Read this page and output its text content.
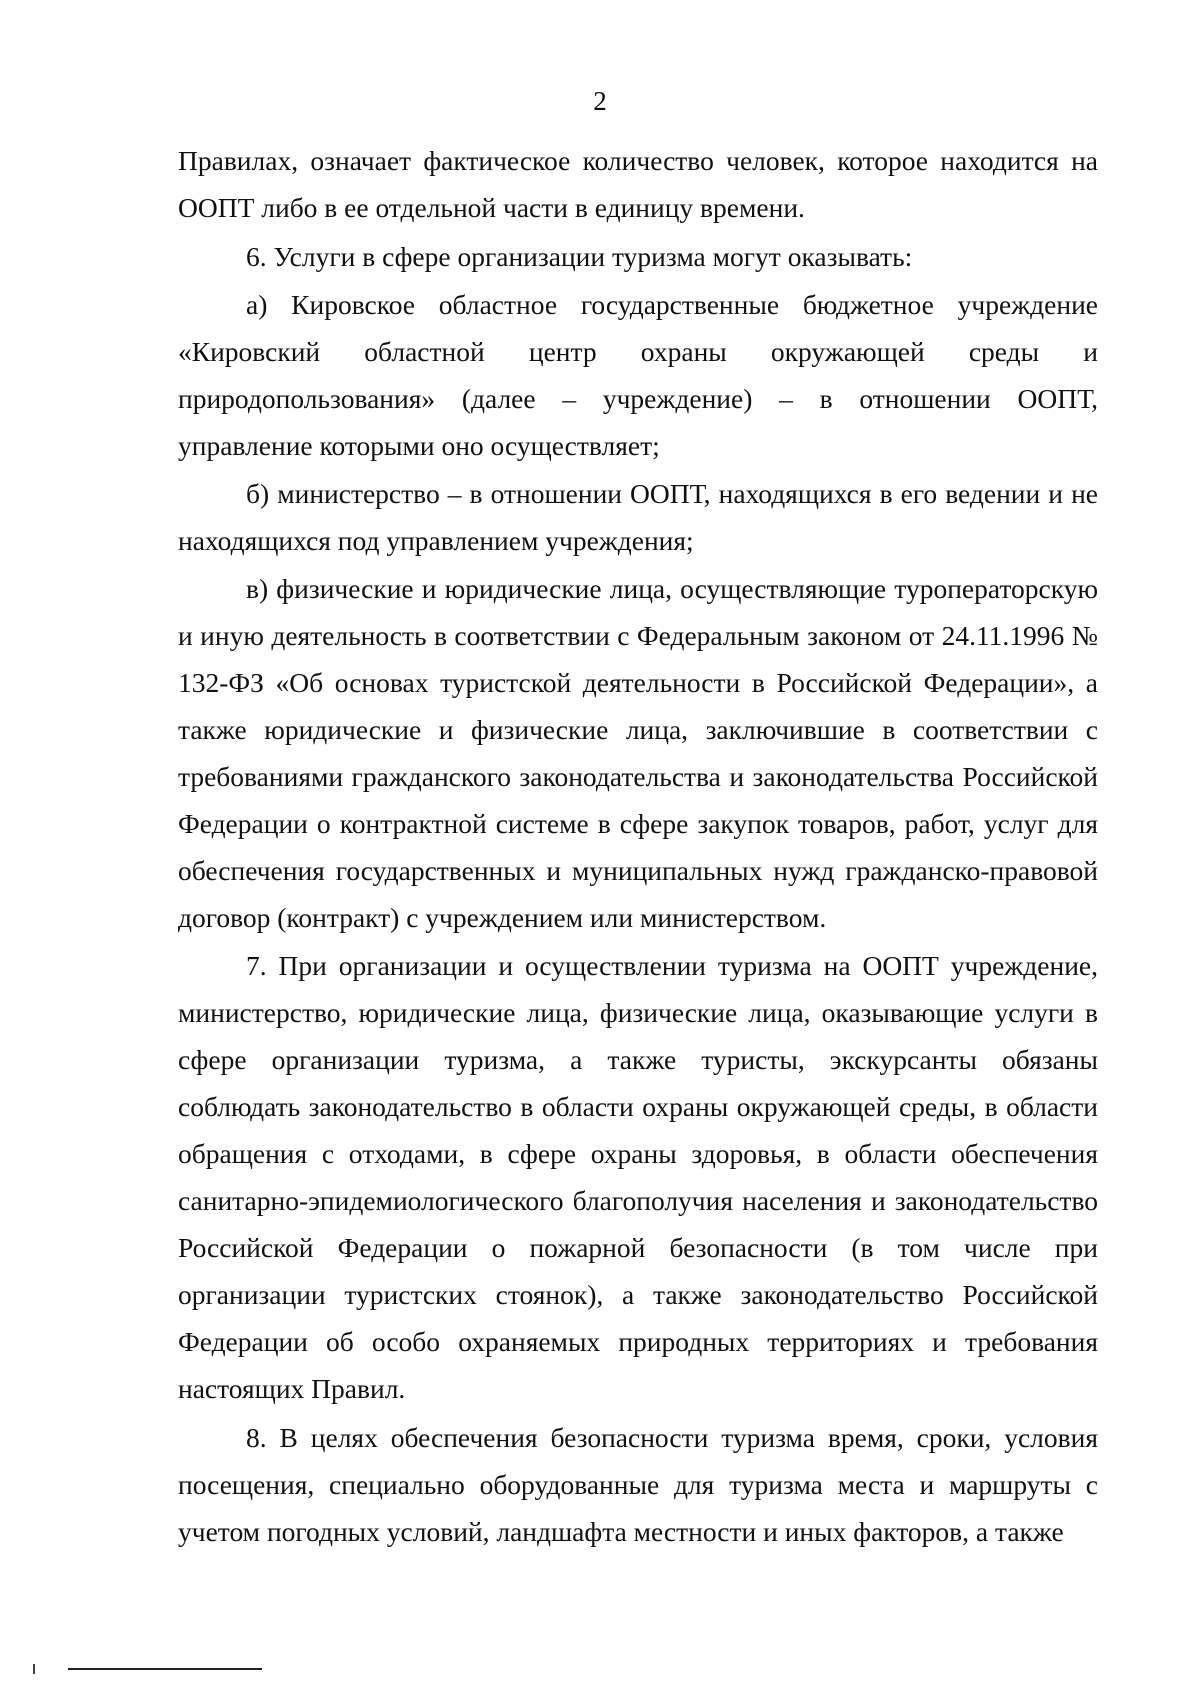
2

Правилах, означает фактическое количество человек, которое находится на ООПТ либо в ее отдельной части в единицу времени.

6. Услуги в сфере организации туризма могут оказывать:

а) Кировское областное государственные бюджетное учреждение «Кировский областной центр охраны окружающей среды и природопользования» (далее – учреждение) – в отношении ООПТ, управление которыми оно осуществляет;

б) министерство – в отношении ООПТ, находящихся в его ведении и не находящихся под управлением учреждения;

в) физические и юридические лица, осуществляющие туроператорскую и иную деятельность в соответствии с Федеральным законом от 24.11.1996 № 132-ФЗ «Об основах туристской деятельности в Российской Федерации», а также юридические и физические лица, заключившие в соответствии с требованиями гражданского законодательства и законодательства Российской Федерации о контрактной системе в сфере закупок товаров, работ, услуг для обеспечения государственных и муниципальных нужд гражданско-правовой договор (контракт) с учреждением или министерством.

7. При организации и осуществлении туризма на ООПТ учреждение, министерство, юридические лица, физические лица, оказывающие услуги в сфере организации туризма, а также туристы, экскурсанты обязаны соблюдать законодательство в области охраны окружающей среды, в области обращения с отходами, в сфере охраны здоровья, в области обеспечения санитарно-эпидемиологического благополучия населения и законодательство Российской Федерации о пожарной безопасности (в том числе при организации туристских стоянок), а также законодательство Российской Федерации об особо охраняемых природных территориях и требования настоящих Правил.

8. В целях обеспечения безопасности туризма время, сроки, условия посещения, специально оборудованные для туризма места и маршруты с учетом погодных условий, ландшафта местности и иных факторов, а также
